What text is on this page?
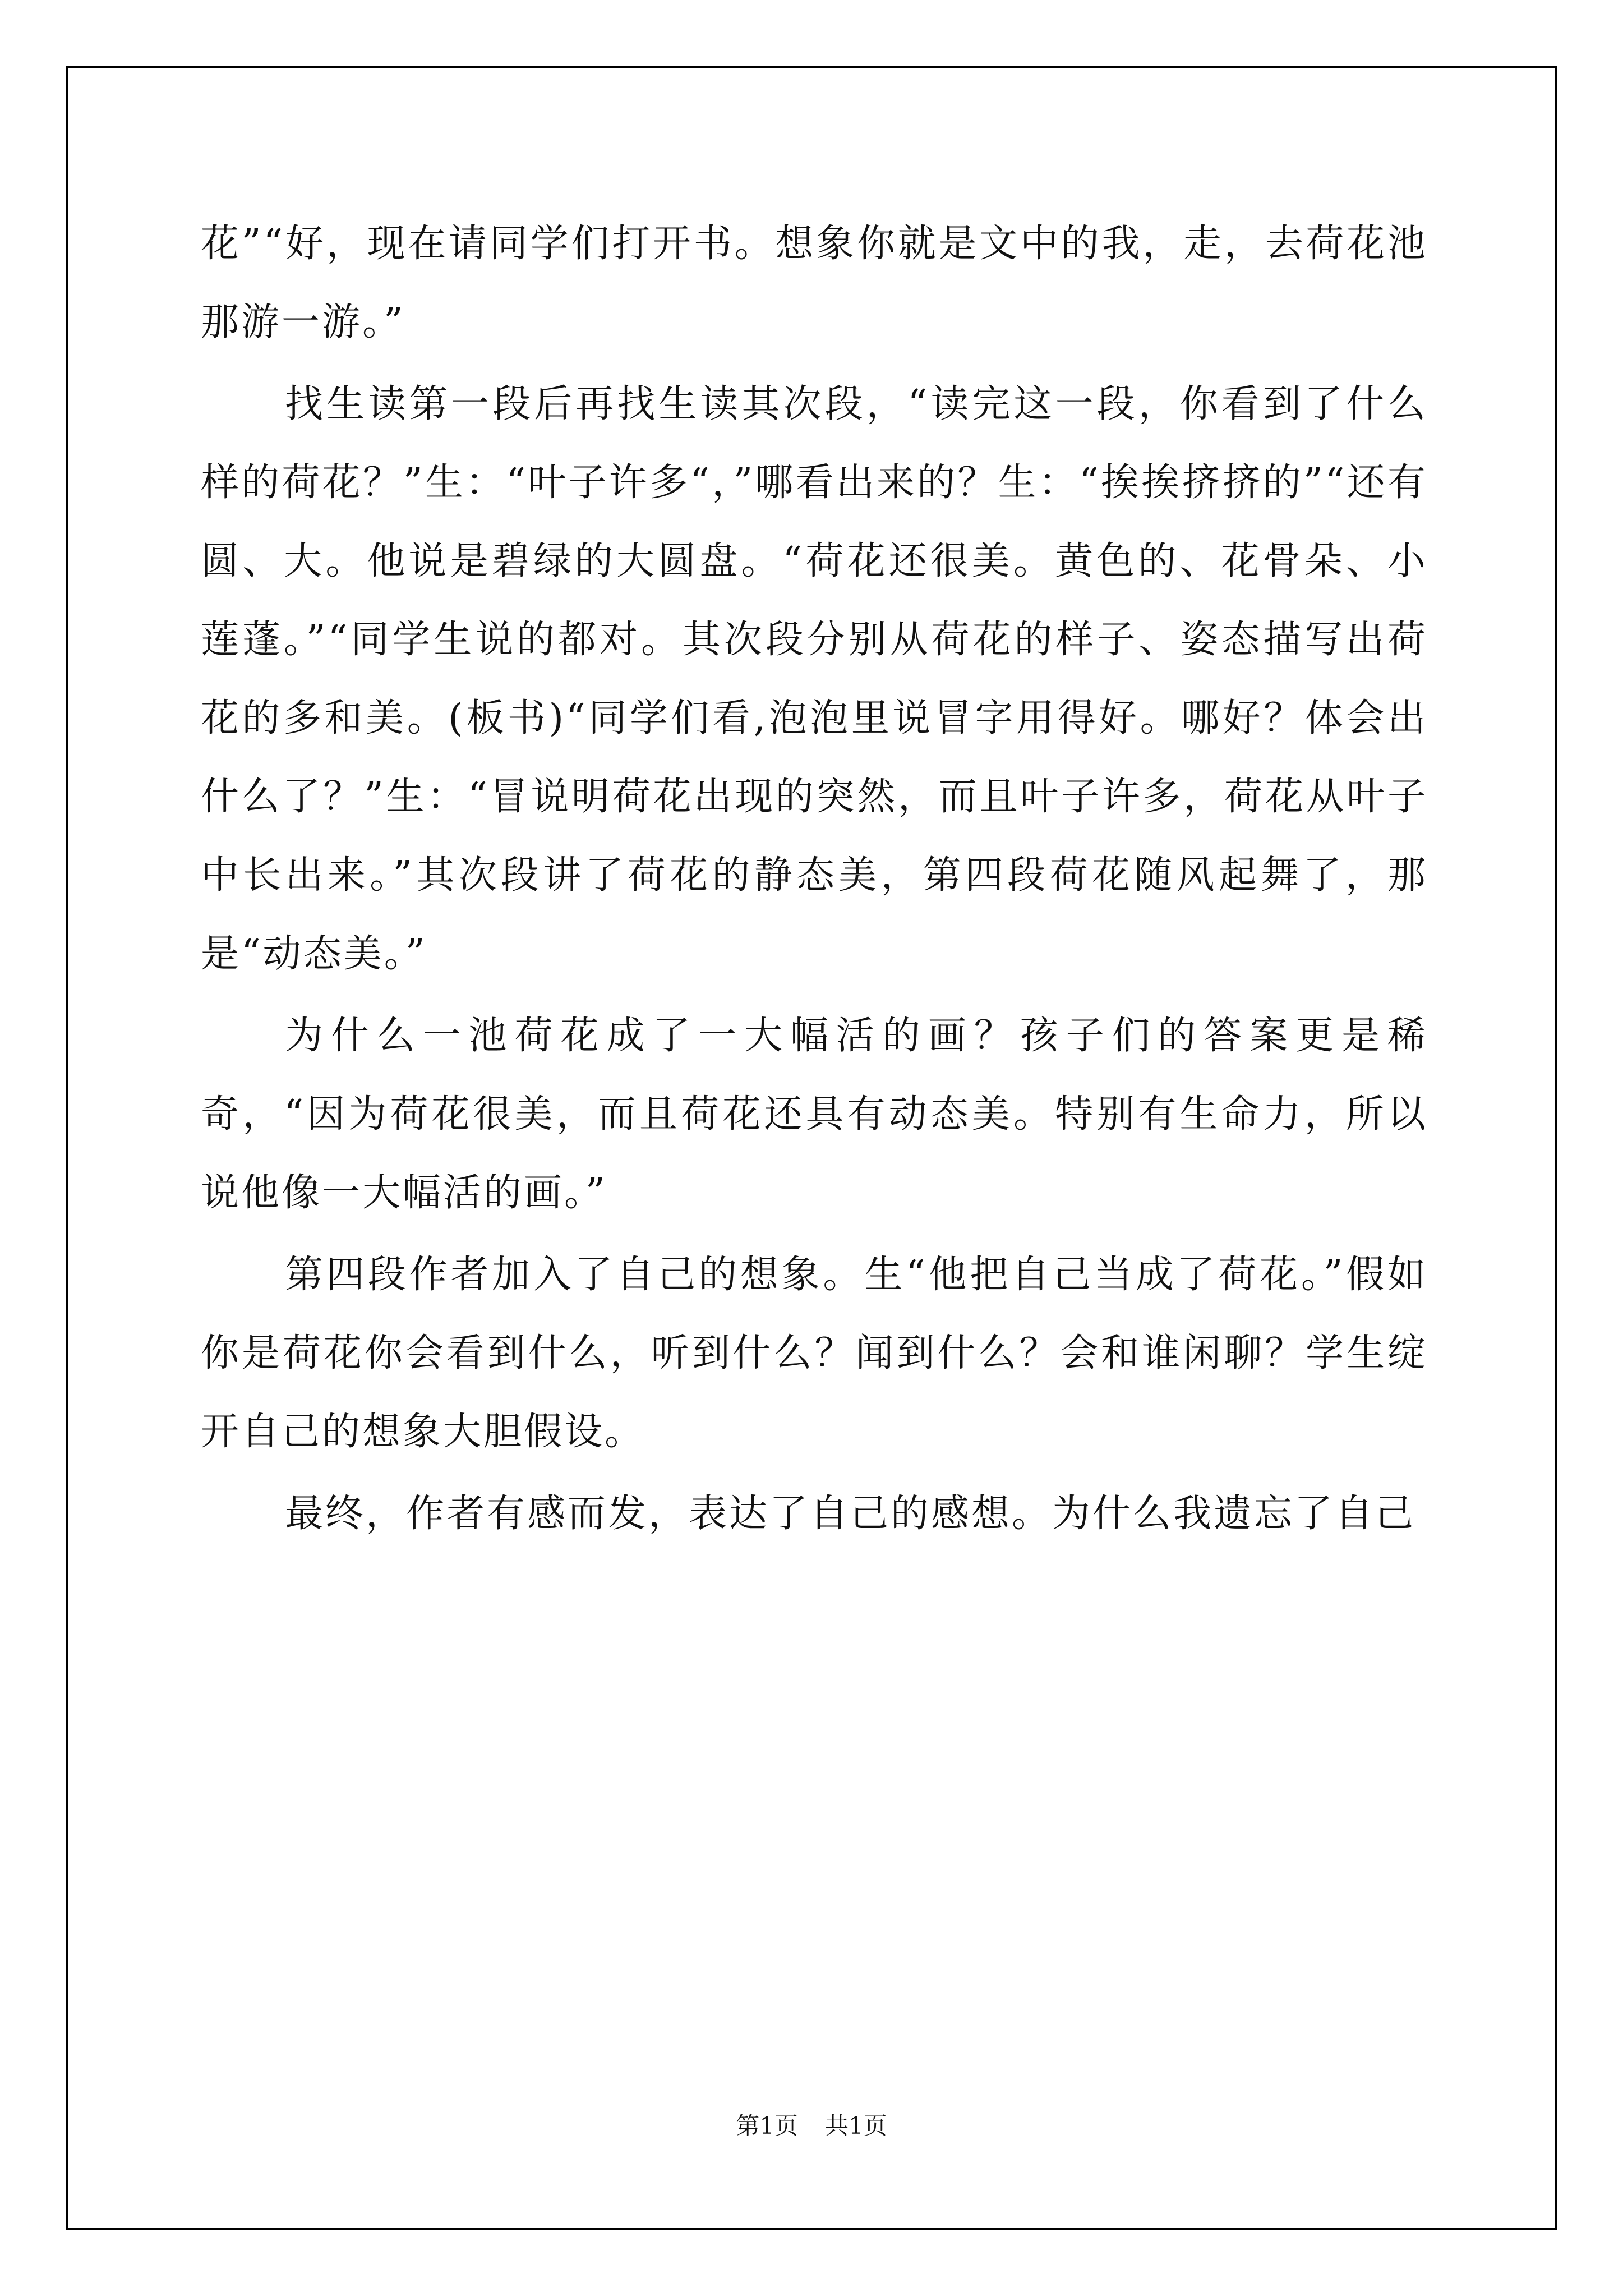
花”“好，现在请同学们打开书。想象你就是文中的我，走，去荷花池那游一游。”

找生读第一段后再找生读其次段，“读完这一段，你看到了什么样的荷花？”生：“叶子许多“，”哪看出来的？生：“挨挨挤挤的”“还有圆、大。他说是碧绿的大圆盘。“荷花还很美。黄色的、花骨朵、小莲蓬。”“同学生说的都对。其次段分别从荷花的样子、姿态描写出荷花的多和美。(板书)“同学们看,泡泡里说冒字用得好。哪好？体会出什么了？”生：“冒说明荷花出现的突然，而且叶子许多，荷花从叶子中长出来。”其次段讲了荷花的静态美，第四段荷花随风起舞了，那是“动态美。”

为什么一池荷花成了一大幅活的画？孩子们的答案更是稀奇，“因为荷花很美，而且荷花还具有动态美。特别有生命力，所以说他像一大幅活的画。”

第四段作者加入了自己的想象。生“他把自己当成了荷花。”假如你是荷花你会看到什么，听到什么？闻到什么？会和谁闲聊？学生绽开自己的想象大胆假设。

最终，作者有感而发，表达了自己的感想。为什么我遗忘了自己

第1页 共1页
